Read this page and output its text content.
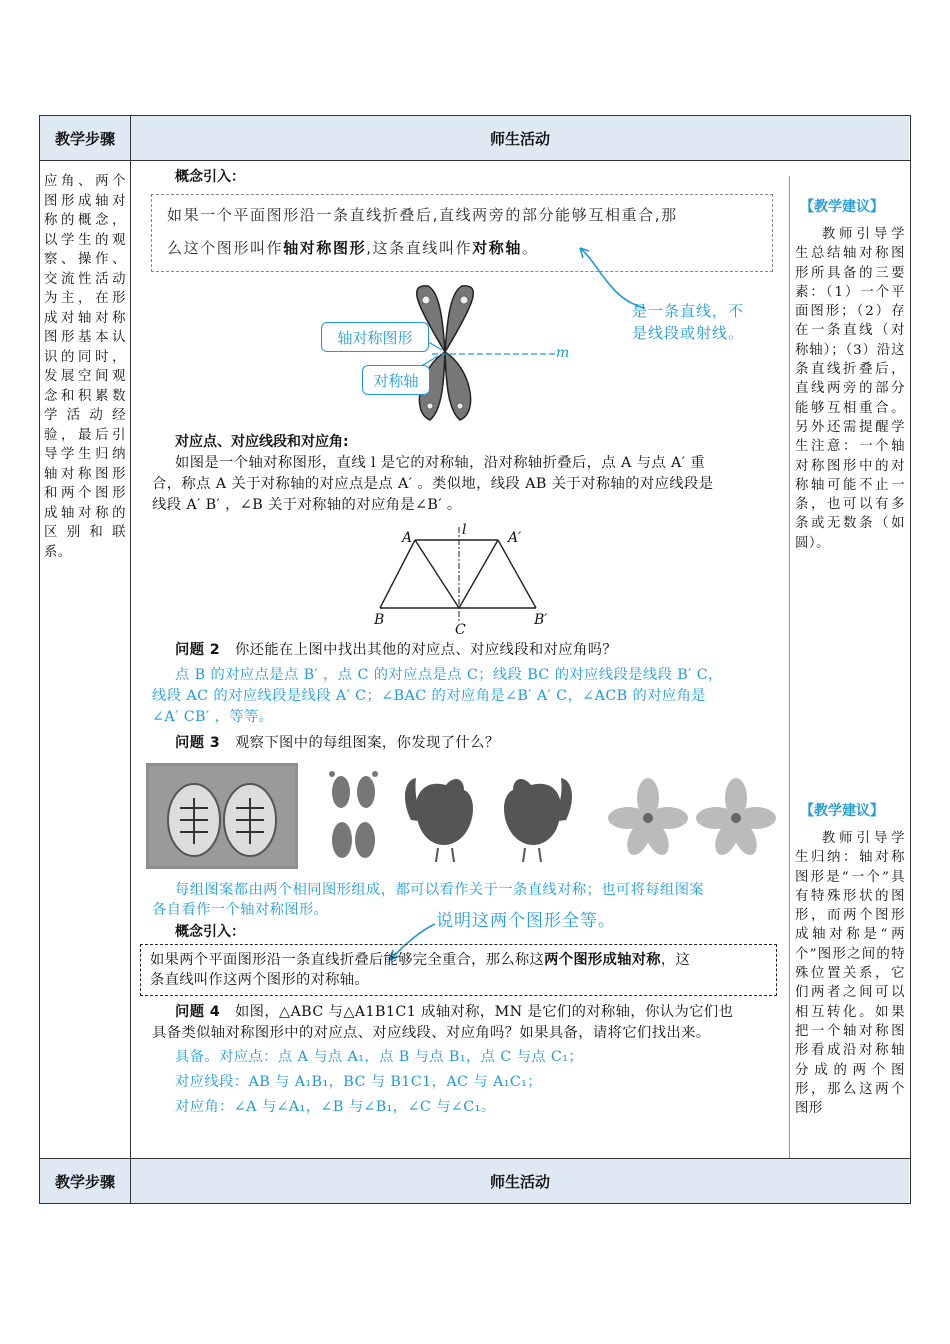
教学步骤	师生活动
教学步骤	师生活动
应角、两个图形成轴对称的概念，以学生的观察、操作、交流性活动为主，在形成对轴对称图形基本认识的同时，发展空间观念和积累数学活动经验，最后引导学生归纳轴对称图形和两个图形成轴对称的区别和联系。
【教学建议】
教师引导学生总结轴对称图形所具备的三要素：（1）一个平面图形；（2）存在一条直线（对称轴）；（3）沿这条直线折叠后，直线两旁的部分能够互相重合。另外还需提醒学生注意：一个轴对称图形中的对称轴可能不止一条，也可以有多条或无数条（如圆）。
【教学建议】
教师引导学生归纳：轴对称图形是“一个”具有特殊形状的图形，而两个图形成轴对称是“两个”图形之间的特殊位置关系，它们两者之间可以相互转化。如果把一个轴对称图形看成沿对称轴分成的两个图形，那么这两个图形
概念引入：
如果一个平面图形沿一条直线折叠后,直线两旁的部分能够互相重合,那
么这个图形叫作轴对称图形,这条直线叫作对称轴。
是一条直线，不
是线段或射线。
轴对称图形
对称轴
m
对应点、对应线段和对应角:
如图是一个轴对称图形，直线 l 是它的对称轴，沿对称轴折叠后，点 A 与点 A′ 重
合，称点 A 关于对称轴的对应点是点 A′ 。类似地，线段 AB 关于对称轴的对应线段是
线段 A′ B′ ，∠B 关于对称轴的对应角是∠B′ 。
l
A	A′
B	B′
C
问题 2 你还能在上图中找出其他的对应点、对应线段和对应角吗？
点 B 的对应点是点 B′ ，点 C 的对应点是点 C；线段 BC 的对应线段是线段 B′ C，
线段 AC 的对应线段是线段 A′ C；∠BAC 的对应角是∠B′ A′ C，∠ACB 的对应角是
∠A′ CB′ ，等等。
问题 3 观察下图中的每组图案，你发现了什么？
每组图案都由两个相同图形组成，都可以看作关于一条直线对称；也可将每组图案
各自看作一个轴对称图形。
说明这两个图形全等。
概念引入：
如果两个平面图形沿一条直线折叠后能够完全重合，那么称这两个图形成轴对称，这
条直线叫作这两个图形的对称轴。
问题 4 如图，△ABC 与△A1B1C1 成轴对称，MN 是它们的对称轴，你认为它们也
具备类似轴对称图形中的对应点、对应线段、对应角吗？如果具备，请将它们找出来。
具备。对应点：点 A 与点 A₁，点 B 与点 B₁，点 C 与点 C₁；
对应线段：AB 与 A₁B₁，BC 与 B1C1，AC 与 A₁C₁；
对应角：∠A 与∠A₁，∠B 与∠B₁，∠C 与∠C₁。
